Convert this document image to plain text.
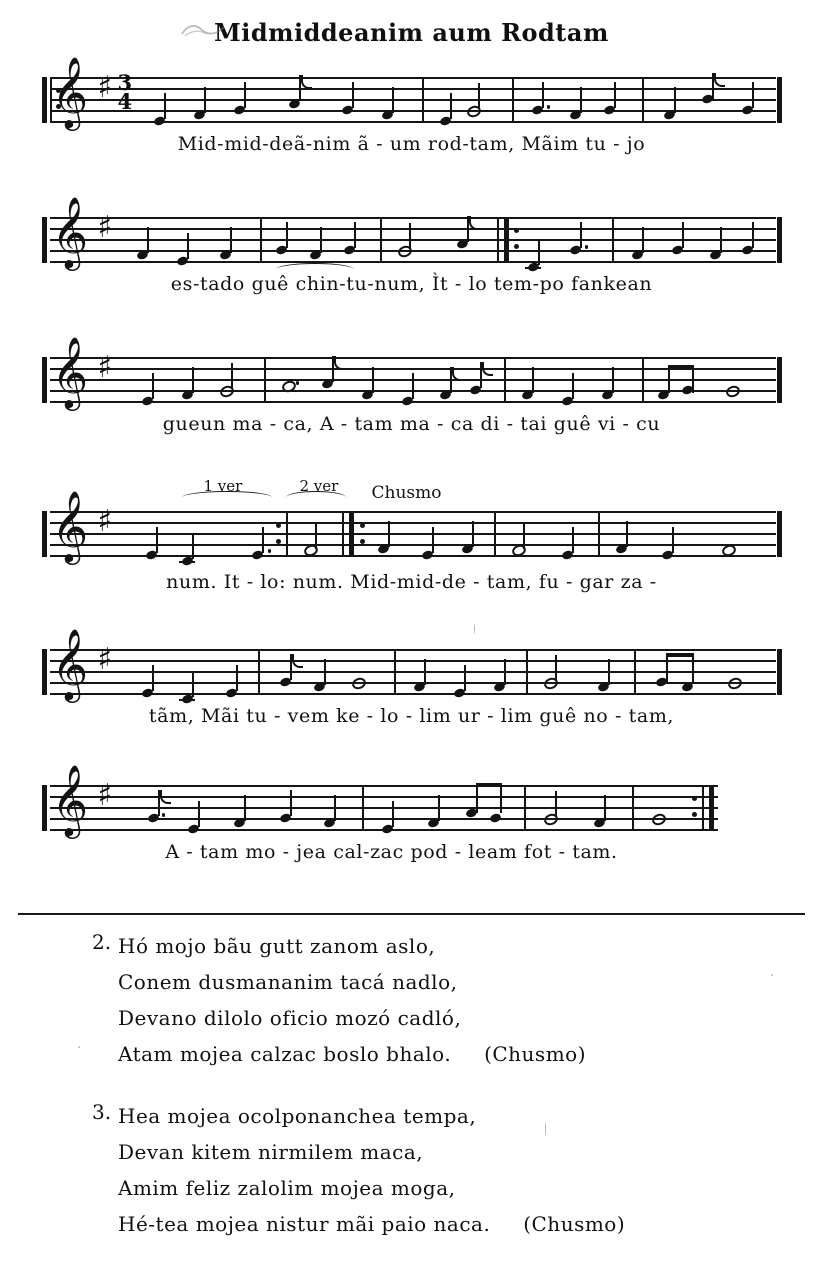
Midmiddeanim aum Rodtam
𝄞 ♯ 3
4
Mid-mid-deã-nim ã - um rod-tam, Mãim tu - jo
𝄞 ♯
es-tado guê chin-tu-num, Ìt - lo tem-po fankean
𝄞 ♯
gueun ma - ca, A - tam ma - ca di - tai guê vi - cu
1 ver	2 ver Chusmo
𝄞 ♯
num. It - lo: num. Mid-mid-de - tam, fu - gar za -
𝄞 ♯
tãm, Mãi tu - vem ke - lo - lim ur - lim guê no - tam,
𝄞 ♯
A - tam mo - jea cal-zac pod - leam fot - tam.
2. Hó mojo bãu gutt zanom aslo,
Conem dusmananim tacá nadlo,
Devano dilolo oficio mozó cadló,
Atam mojea calzac boslo bhalo. (Chusmo)
3. Hea mojea ocolponanchea tempa,
Devan kitem nirmilem maca,
Amim feliz zalolim mojea moga,
Hé-tea mojea nistur mãi paio naca. (Chusmo)
